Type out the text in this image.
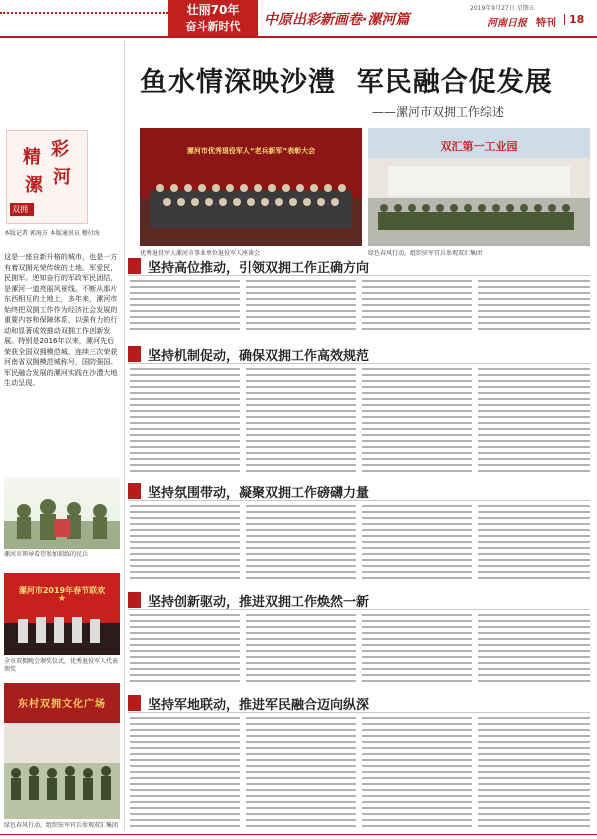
壮丽70年
奋斗新时代	中原出彩新画卷·漯河篇
2019年9月27日 星期五
河南日报 特刊 18
鱼水情深映沙澧  军民融合促发展
——漯河市双拥工作综述
精 彩
漯 河
双拥
本版记者 郭海方 本版通讯员 穆付海
这是一座自新升格的城市，也是一方有着双拥光荣传统的土地。军爱民，民拥军。逆知奋行的军政军民团结，是漯河一道亮丽风景线。不断从那片东西相互的土地上，多年来，漯河市始终把双拥工作作为经济社会发展的重要内容和保障体系，以强有力的行动和显著成效推动双拥工作创新发展。特别是2016年以来，漯河先后荣获全国双拥模范城，连续三次荣获河南省双拥模范城称号，国防强国、军民融合发展的漯河实践在沙澧大地生动呈现。
漯河市领导看望参加训练的民兵
★
漯河市2019年春节联欢
全市双拥晚会颁奖仪式，优秀退役军人代表领奖
东村双拥文化广场
绿色春风行动，组织驻军官兵参观双汇集团
漯河市优秀退役军人“老兵新军”表彰大会
优秀退役军人漯河市事业单位退役军人座谈会
双汇第一工业园
绿色春风行动，组织驻军官兵参观双汇集团
坚持高位推动，引领双拥工作正确方向
坚持机制促动，确保双拥工作高效规范
坚持氛围带动，凝聚双拥工作磅礴力量
坚持创新驱动，推进双拥工作焕然一新
坚持军地联动，推进军民融合迈向纵深
